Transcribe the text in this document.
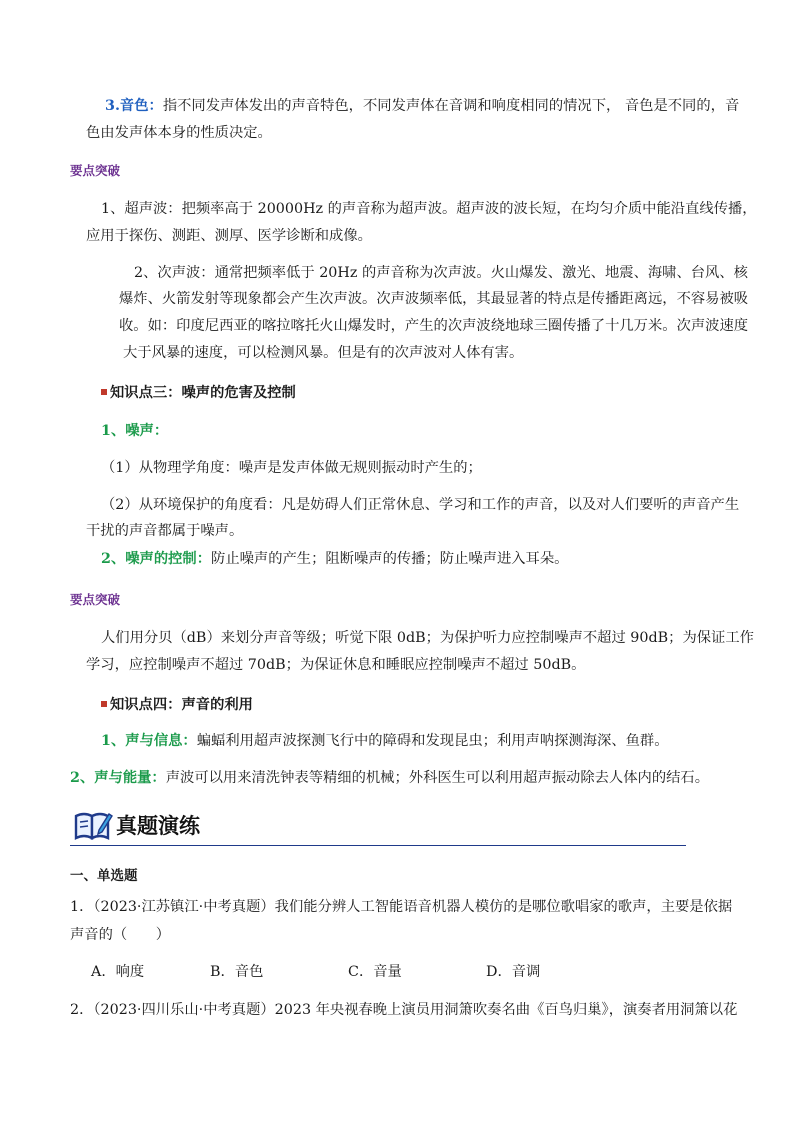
3.音色：指不同发声体发出的声音特色，不同发声体在音调和响度相同的情况下， 音色是不同的，音
色由发声体本身的性质决定。
要点突破
1、超声波：把频率高于 20000Hz 的声音称为超声波。超声波的波长短，在均匀介质中能沿直线传播，
应用于探伤、测距、测厚、医学诊断和成像。
2、次声波：通常把频率低于 20Hz 的声音称为次声波。火山爆发、激光、地震、海啸、台风、核
爆炸、火箭发射等现象都会产生次声波。次声波频率低，其最显著的特点是传播距离远，不容易被吸
收。如：印度尼西亚的喀拉喀托火山爆发时，产生的次声波绕地球三圈传播了十几万米。次声波速度
大于风暴的速度，可以检测风暴。但是有的次声波对人体有害。
知识点三：噪声的危害及控制
1、噪声：
（1）从物理学角度：噪声是发声体做无规则振动时产生的；
（2）从环境保护的角度看：凡是妨碍人们正常休息、学习和工作的声音，以及对人们要听的声音产生
干扰的声音都属于噪声。
2、噪声的控制：防止噪声的产生；阻断噪声的传播；防止噪声进入耳朵。
要点突破
人们用分贝（dB）来划分声音等级；听觉下限 0dB；为保护听力应控制噪声不超过 90dB；为保证工作
学习，应控制噪声不超过 70dB；为保证休息和睡眠应控制噪声不超过 50dB。
知识点四：声音的利用
1、声与信息：蝙蝠利用超声波探测飞行中的障碍和发现昆虫；利用声呐探测海深、鱼群。
2、声与能量：声波可以用来清洗钟表等精细的机械；外科医生可以利用超声振动除去人体内的结石。
真题演练
一、单选题
1．（2023·江苏镇江·中考真题）我们能分辨人工智能语音机器人模仿的是哪位歌唱家的歌声，主要是依据
声音的（　　）
A．响度	B．音色	C．音量	D．音调
2．（2023·四川乐山·中考真题）2023 年央视春晚上演员用洞箫吹奏名曲《百鸟归巢》，演奏者用洞箫以花
